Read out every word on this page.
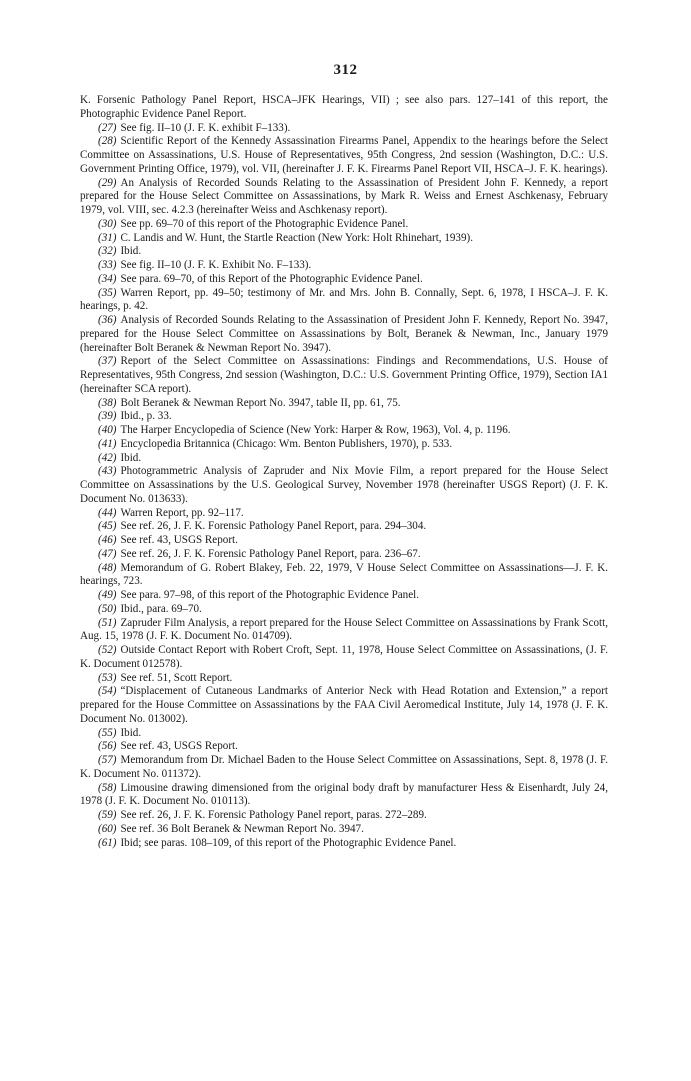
312

K. Forsenic Pathology Panel Report, HSCA–JFK Hearings, VII) ; see also pars. 127–141 of this report, the Photographic Evidence Panel Report.

(27) See fig. II–10 (J. F. K. exhibit F–133).

(28) Scientific Report of the Kennedy Assassination Firearms Panel, Appendix to the hearings before the Select Committee on Assassinations, U.S. House of Representatives, 95th Congress, 2nd session (Washington, D.C.: U.S. Government Printing Office, 1979), vol. VII, (hereinafter J. F. K. Firearms Panel Report VII, HSCA–J. F. K. hearings).

(29) An Analysis of Recorded Sounds Relating to the Assassination of President John F. Kennedy, a report prepared for the House Select Committee on Assassinations, by Mark R. Weiss and Ernest Aschkenasy, February 1979, vol. VIII, sec. 4.2.3 (hereinafter Weiss and Aschkenasy report).

(30) See pp. 69–70 of this report of the Photographic Evidence Panel.

(31) C. Landis and W. Hunt, the Startle Reaction (New York: Holt Rhinehart, 1939).

(32) Ibid.

(33) See fig. II–10 (J. F. K. Exhibit No. F–133).

(34) See para. 69–70, of this Report of the Photographic Evidence Panel.

(35) Warren Report, pp. 49–50; testimony of Mr. and Mrs. John B. Connally, Sept. 6, 1978, I HSCA–J. F. K. hearings, p. 42.

(36) Analysis of Recorded Sounds Relating to the Assassination of President John F. Kennedy, Report No. 3947, prepared for the House Select Committee on Assassinations by Bolt, Beranek & Newman, Inc., January 1979 (hereinafter Bolt Beranek & Newman Report No. 3947).

(37) Report of the Select Committee on Assassinations: Findings and Recommendations, U.S. House of Representatives, 95th Congress, 2nd session (Washington, D.C.: U.S. Government Printing Office, 1979), Section IA1 (hereinafter SCA report).

(38) Bolt Beranek & Newman Report No. 3947, table II, pp. 61, 75.

(39) Ibid., p. 33.

(40) The Harper Encyclopedia of Science (New York: Harper & Row, 1963), Vol. 4, p. 1196.

(41) Encyclopedia Britannica (Chicago: Wm. Benton Publishers, 1970), p. 533.

(42) Ibid.

(43) Photogrammetric Analysis of Zapruder and Nix Movie Film, a report prepared for the House Select Committee on Assassinations by the U.S. Geological Survey, November 1978 (hereinafter USGS Report) (J. F. K. Document No. 013633).

(44) Warren Report, pp. 92–117.

(45) See ref. 26, J. F. K. Forensic Pathology Panel Report, para. 294–304.

(46) See ref. 43, USGS Report.

(47) See ref. 26, J. F. K. Forensic Pathology Panel Report, para. 236–67.

(48) Memorandum of G. Robert Blakey, Feb. 22, 1979, V House Select Committee on Assassinations—J. F. K. hearings, 723.

(49) See para. 97–98, of this report of the Photographic Evidence Panel.

(50) Ibid., para. 69–70.

(51) Zapruder Film Analysis, a report prepared for the House Select Committee on Assassinations by Frank Scott, Aug. 15, 1978 (J. F. K. Document No. 014709).

(52) Outside Contact Report with Robert Croft, Sept. 11, 1978, House Select Committee on Assassinations, (J. F. K. Document 012578).

(53) See ref. 51, Scott Report.

(54) “Displacement of Cutaneous Landmarks of Anterior Neck with Head Rotation and Extension,” a report prepared for the House Committee on Assassinations by the FAA Civil Aeromedical Institute, July 14, 1978 (J. F. K. Document No. 013002).

(55) Ibid.

(56) See ref. 43, USGS Report.

(57) Memorandum from Dr. Michael Baden to the House Select Committee on Assassinations, Sept. 8, 1978 (J. F. K. Document No. 011372).

(58) Limousine drawing dimensioned from the original body draft by manufacturer Hess & Eisenhardt, July 24, 1978 (J. F. K. Document No. 010113).

(59) See ref. 26, J. F. K. Forensic Pathology Panel report, paras. 272–289.

(60) See ref. 36 Bolt Beranek & Newman Report No. 3947.

(61) Ibid; see paras. 108–109, of this report of the Photographic Evidence Panel.
